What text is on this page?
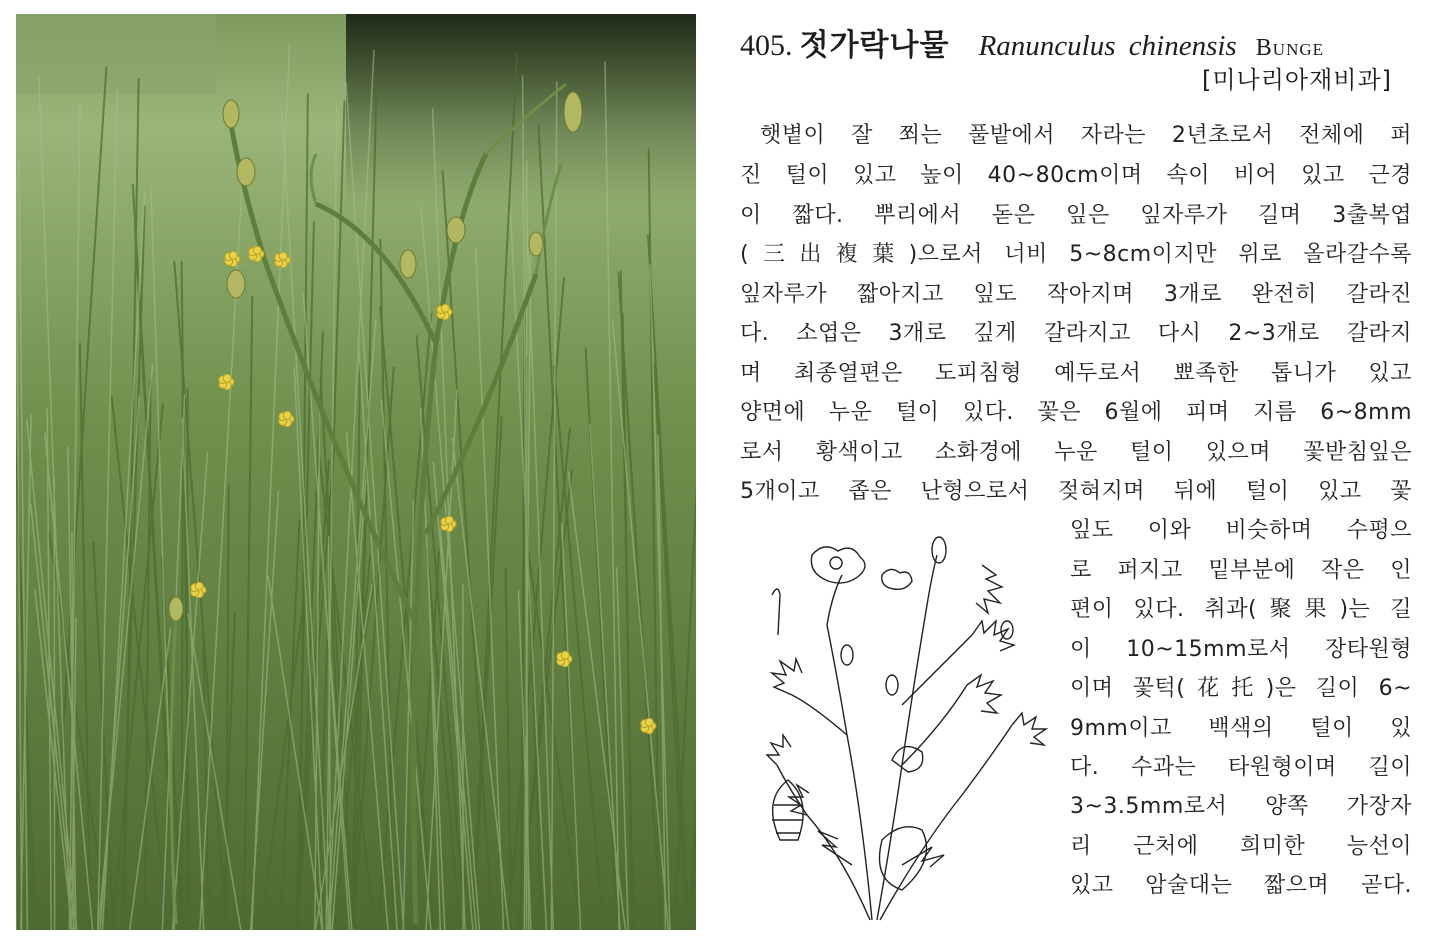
405. 젓가락나물 Ranunculus chinensis Bunge
[미나리아재비과]
햇볕이 잘 쬐는 풀밭에서 자라는 2년초로서 전체에 퍼
진 털이 있고 높이 40~80cm이며 속이 비어 있고 근경
이 짧다. 뿌리에서 돋은 잎은 잎자루가 길며 3출복엽
(三出複葉)으로서 너비 5~8cm이지만 위로 올라갈수록
잎자루가 짧아지고 잎도 작아지며 3개로 완전히 갈라진
다. 소엽은 3개로 깊게 갈라지고 다시 2~3개로 갈라지
며 최종열편은 도피침형 예두로서 뾰족한 톱니가 있고
양면에 누운 털이 있다. 꽃은 6월에 피며 지름 6~8mm
로서 황색이고 소화경에 누운 털이 있으며 꽃받침잎은
5개이고 좁은 난형으로서 젖혀지며 뒤에 털이 있고 꽃
잎도 이와 비슷하며 수평으
로 퍼지고 밑부분에 작은 인
편이 있다. 취과(聚果)는 길
이 10~15mm로서 장타원형
이며 꽃턱(花托)은 길이 6~
9mm이고 백색의 털이 있
다. 수과는 타원형이며 길이
3~3.5mm로서 양쪽 가장자
리 근처에 희미한 능선이
있고 암술대는 짧으며 곧다.
